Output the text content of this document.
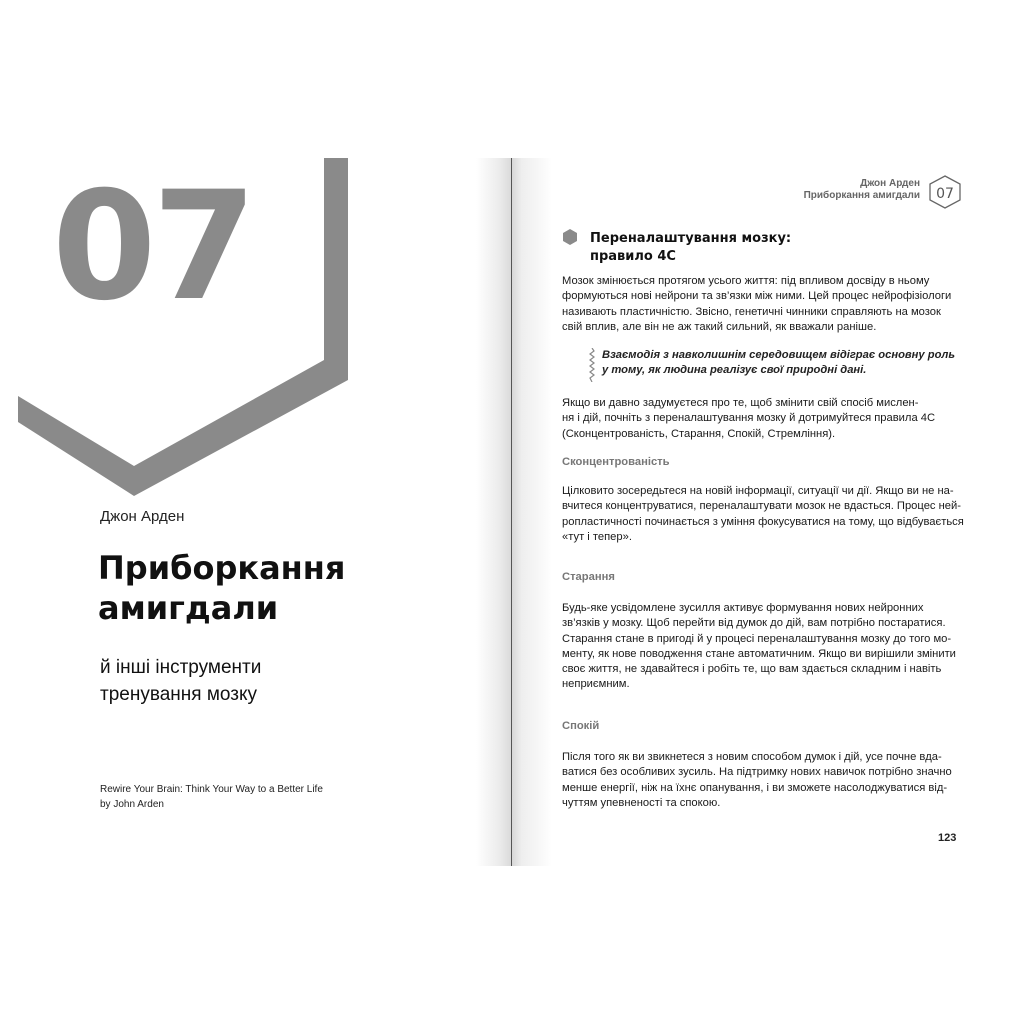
07
Джон Арден
Приборкання
амигдали
й інші інструменти
тренування мозку
Rewire Your Brain: Think Your Way to a Better Life
by John Arden
Джон Арден
Приборкання амигдали 07
Переналаштування мозку:
правило 4С
Мозок змінюється протягом усього життя: під впливом досвіду в ньому
формуються нові нейрони та зв’язки між ними. Цей процес нейрофізіологи
називають пластичністю. Звісно, генетичні чинники справляють на мозок
свій вплив, але він не аж такий сильний, як вважали раніше.
Взаємодія з навколишнім середовищем відіграє основну роль
у тому, як людина реалізує свої природні дані.
Якщо ви давно задумуєтеся про те, щоб змінити свій спосіб мислен-
ня і дій, почніть з переналаштування мозку й дотримуйтеся правила 4С
(Сконцентрованість, Старання, Спокій, Стремління).
Сконцентрованість
Цілковито зосередьтеся на новій інформації, ситуації чи дії. Якщо ви не на-
вчитеся концентруватися, переналаштувати мозок не вдасться. Процес ней-
ропластичності починається з уміння фокусуватися на тому, що відбувається
«тут і тепер».
Старання
Будь-яке усвідомлене зусилля активує формування нових нейронних
зв’язків у мозку. Щоб перейти від думок до дій, вам потрібно постаратися.
Старання стане в пригоді й у процесі переналаштування мозку до того мо-
менту, як нове поводження стане автоматичним. Якщо ви вирішили змінити
своє життя, не здавайтеся і робіть те, що вам здається складним і навіть
неприємним.
Спокій
Після того як ви звикнетеся з новим способом думок і дій, усе почне вда-
ватися без особливих зусиль. На підтримку нових навичок потрібно значно
менше енергії, ніж на їхнє опанування, і ви зможете насолоджуватися від-
чуттям упевненості та спокою.
123
